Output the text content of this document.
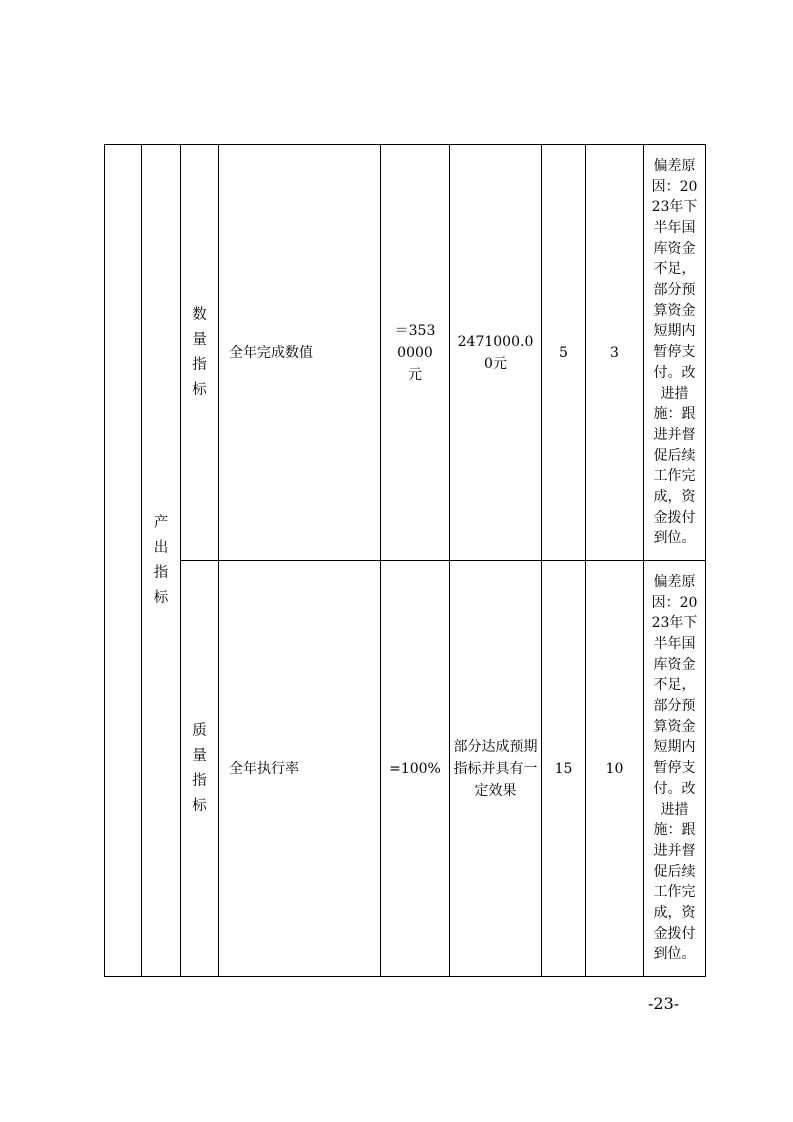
	产出指标	数量指标	全年完成数值	＝3530000元	2471000.00元	5	3	偏差原因：2023年下半年国库资金不足，部分预算资金短期内暂停支付。改进措施：跟进并督促后续工作完成，资金拨付到位。

		质量指标	全年执行率	=100%	部分达成预期指标并具有一定效果	15	10	偏差原因：2023年下半年国库资金不足，部分预算资金短期内暂停支付。改进措施：跟进并督促后续工作完成，资金拨付到位。
-23-
